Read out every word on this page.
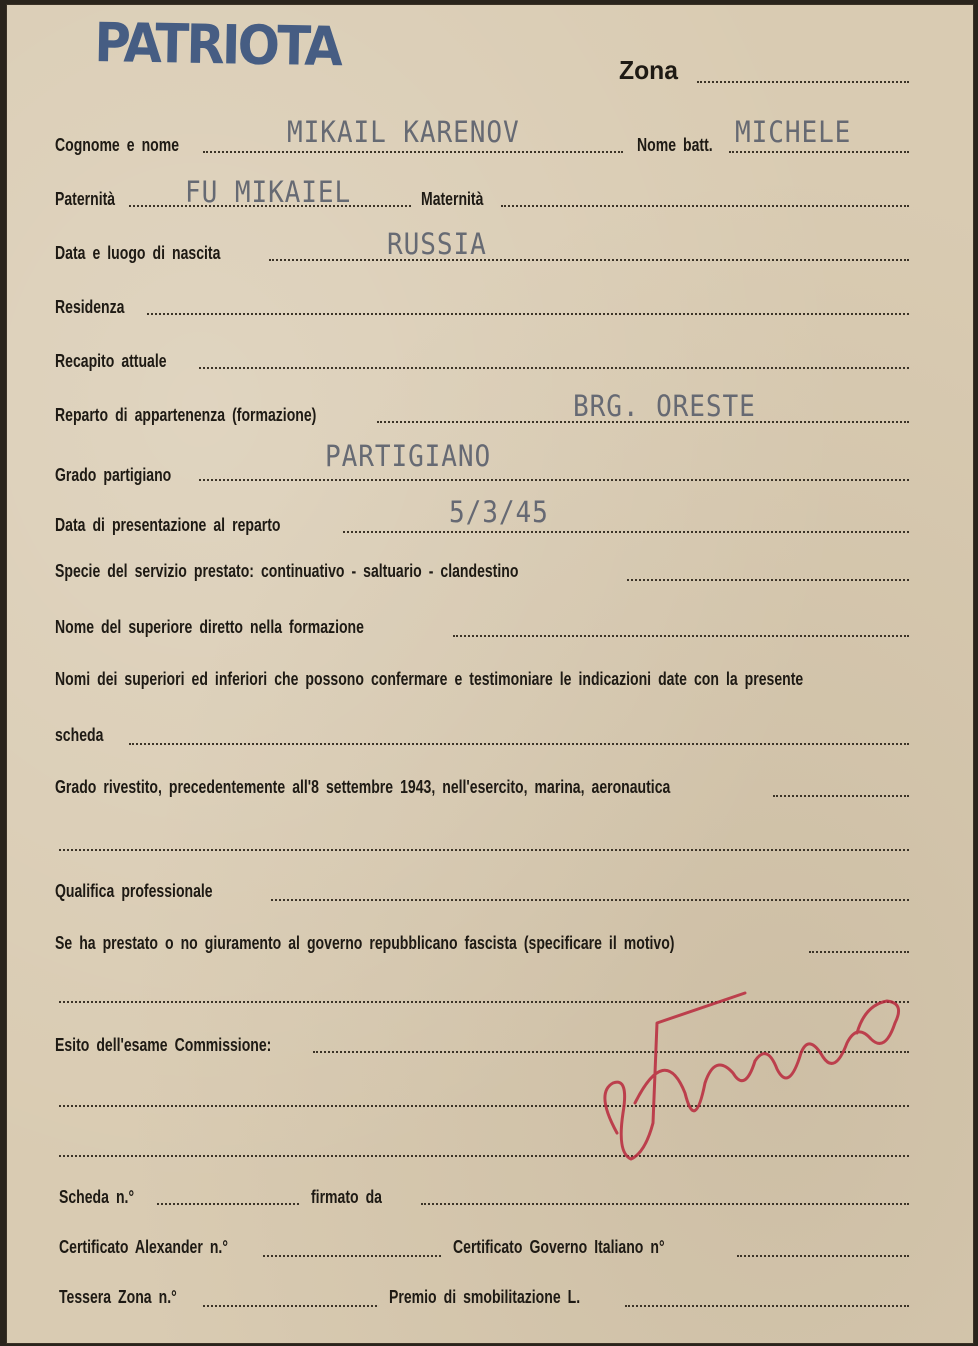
PATRIOTA	Zona
Cognome e nome	MIKAIL KARENOV	Nome batt. MICHELE
Paternità FU MIKAIEL	Maternità
Data e luogo di nascita	RUSSIA
Residenza
Recapito attuale
Reparto di appartenenza (formazione)	BRG. ORESTE
Grado partigiano
PARTIGIANO
Data di presentazione al reparto	5/3/45
Specie del servizio prestato: continuativo - saltuario - clandestino
Nome del superiore diretto nella formazione
Nomi dei superiori ed inferiori che possono confermare e testimoniare le indicazioni date con la presente
scheda
Grado rivestito, precedentemente all'8 settembre 1943, nell'esercito, marina, aeronautica
Qualifica professionale
Se ha prestato o no giuramento al governo repubblicano fascista (specificare il motivo)
Esito dell'esame Commissione:
Scheda n.°	firmato da
Certificato Alexander n.°	Certificato Governo Italiano n°
Tessera Zona n.°	Premio di smobilitazione L.
